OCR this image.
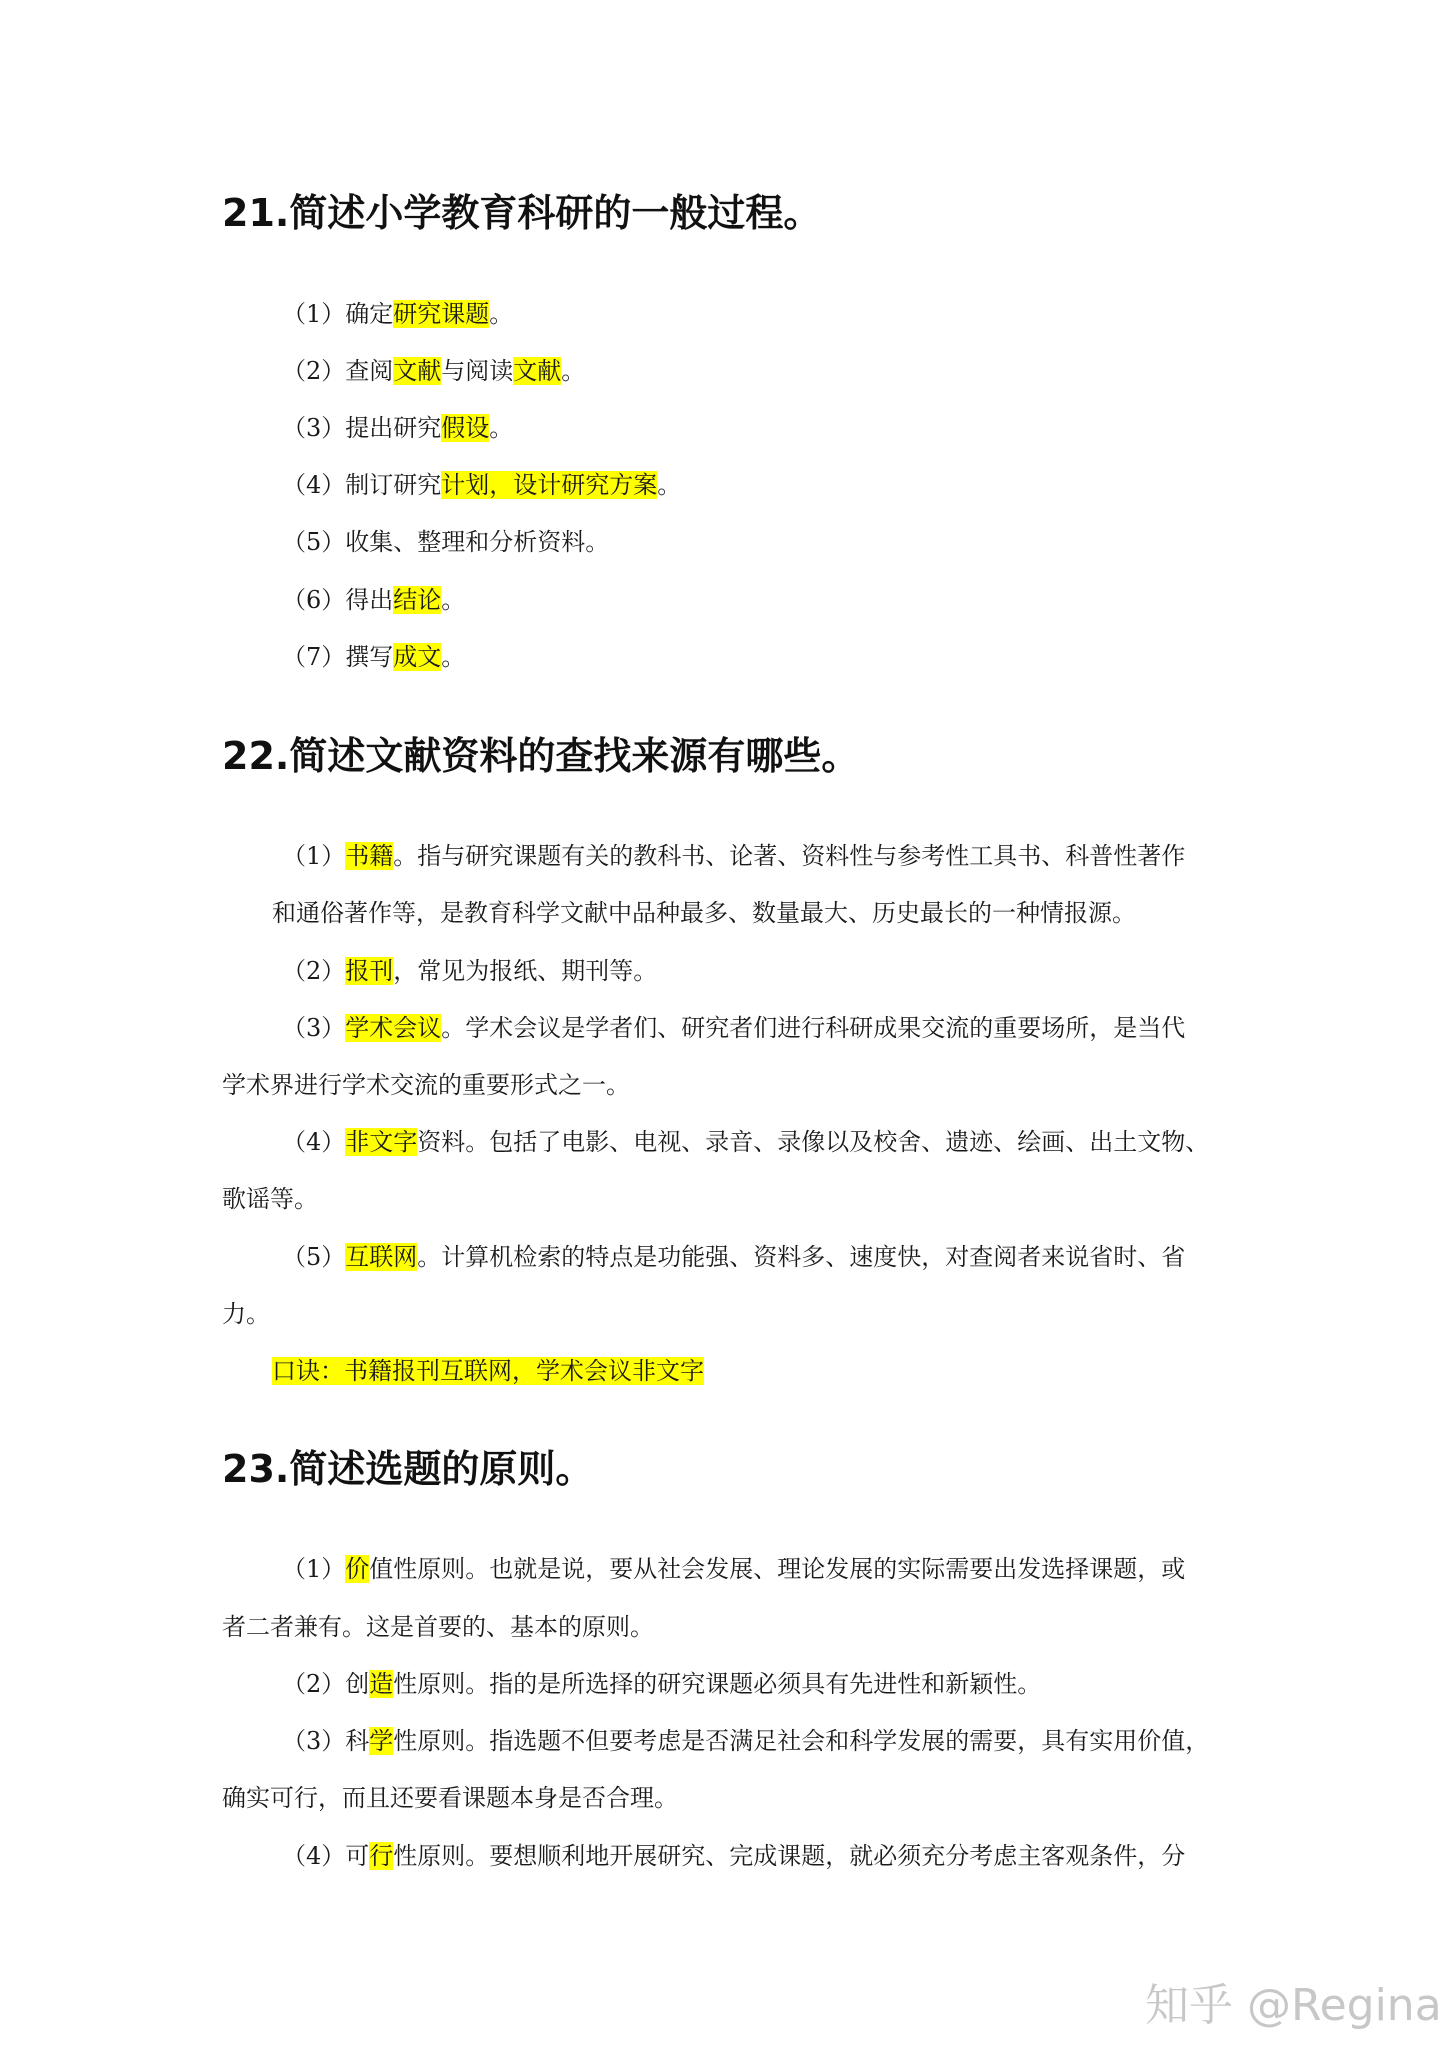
21.简述小学教育科研的一般过程。

（1）确定研究课题。

（2）查阅文献与阅读文献。

（3）提出研究假设。

（4）制订研究计划，设计研究方案。

（5）收集、整理和分析资料。

（6）得出结论。

（7）撰写成文。

22.简述文献资料的查找来源有哪些。

（1）书籍。指与研究课题有关的教科书、论著、资料性与参考性工具书、科普性著作

和通俗著作等，是教育科学文献中品种最多、数量最大、历史最长的一种情报源。

（2）报刊，常见为报纸、期刊等。

（3）学术会议。学术会议是学者们、研究者们进行科研成果交流的重要场所，是当代

学术界进行学术交流的重要形式之一。

（4）非文字资料。包括了电影、电视、录音、录像以及校舍、遗迹、绘画、出土文物、

歌谣等。

（5）互联网。计算机检索的特点是功能强、资料多、速度快，对查阅者来说省时、省

力。

口诀：书籍报刊互联网，学术会议非文字

23.简述选题的原则。

（1）价值性原则。也就是说，要从社会发展、理论发展的实际需要出发选择课题，或

者二者兼有。这是首要的、基本的原则。

（2）创造性原则。指的是所选择的研究课题必须具有先进性和新颖性。

（3）科学性原则。指选题不但要考虑是否满足社会和科学发展的需要，具有实用价值，

确实可行，而且还要看课题本身是否合理。

（4）可行性原则。要想顺利地开展研究、完成课题，就必须充分考虑主客观条件，分

知乎 @Regina
